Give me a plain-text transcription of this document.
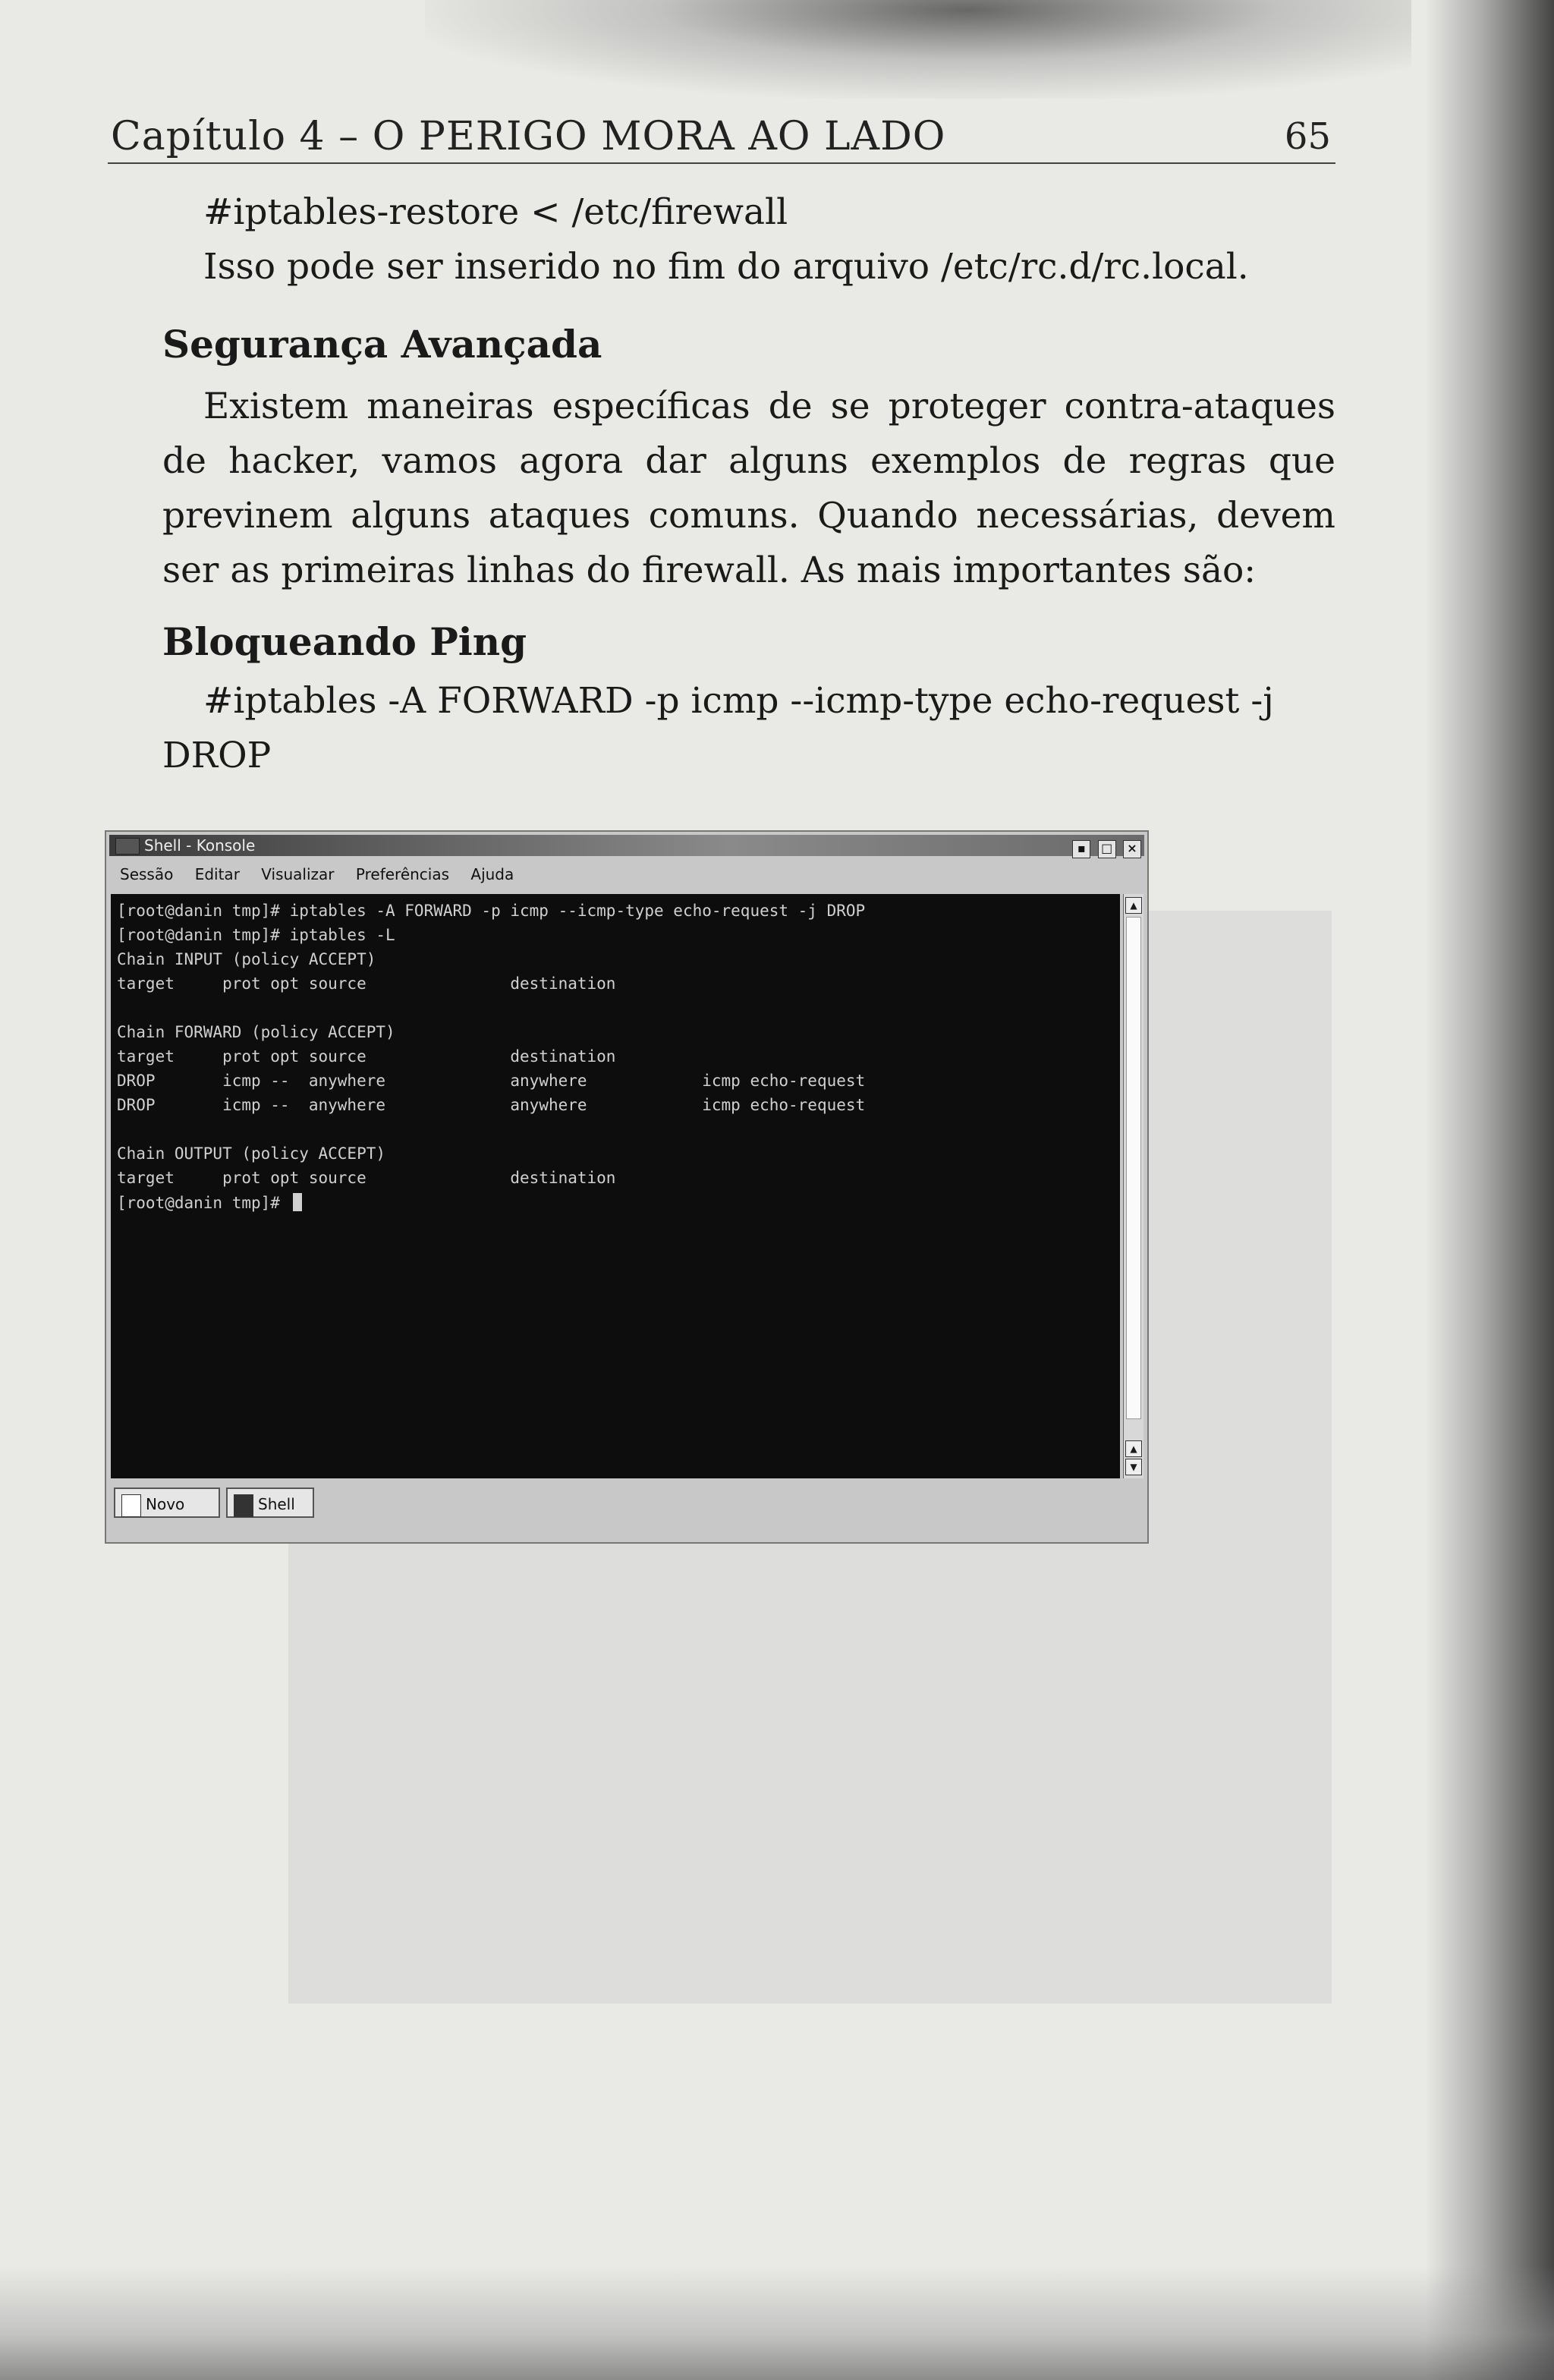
Capítulo 4 – O PERIGO MORA AO LADO	65
#iptables-restore < /etc/firewall
Isso pode ser inserido no fim do arquivo /etc/rc.d/rc.local.
Segurança Avançada
Existem maneiras específicas de se proteger contra-ataques de hacker, vamos agora dar alguns exemplos de regras que previnem alguns ataques comuns. Quando necessárias, devem ser as primeiras linhas do firewall. As mais importantes são:
Bloqueando Ping
#iptables -A FORWARD -p icmp --icmp-type echo-request -j DROP
Shell - Konsole	▪ □ ×
Sessão Editar Visualizar Preferências Ajuda
[root@danin tmp]# iptables -A FORWARD -p icmp --icmp-type echo-request -j DROP
[root@danin tmp]# iptables -L
Chain INPUT (policy ACCEPT)
target     prot opt source               destination
Chain FORWARD (policy ACCEPT)
target     prot opt source               destination
DROP       icmp --  anywhere             anywhere            icmp echo-request
DROP       icmp --  anywhere             anywhere            icmp echo-request
Chain OUTPUT (policy ACCEPT)
target     prot opt source               destination
[root@danin tmp]#
▲
▲
▼
Novo	Shell
